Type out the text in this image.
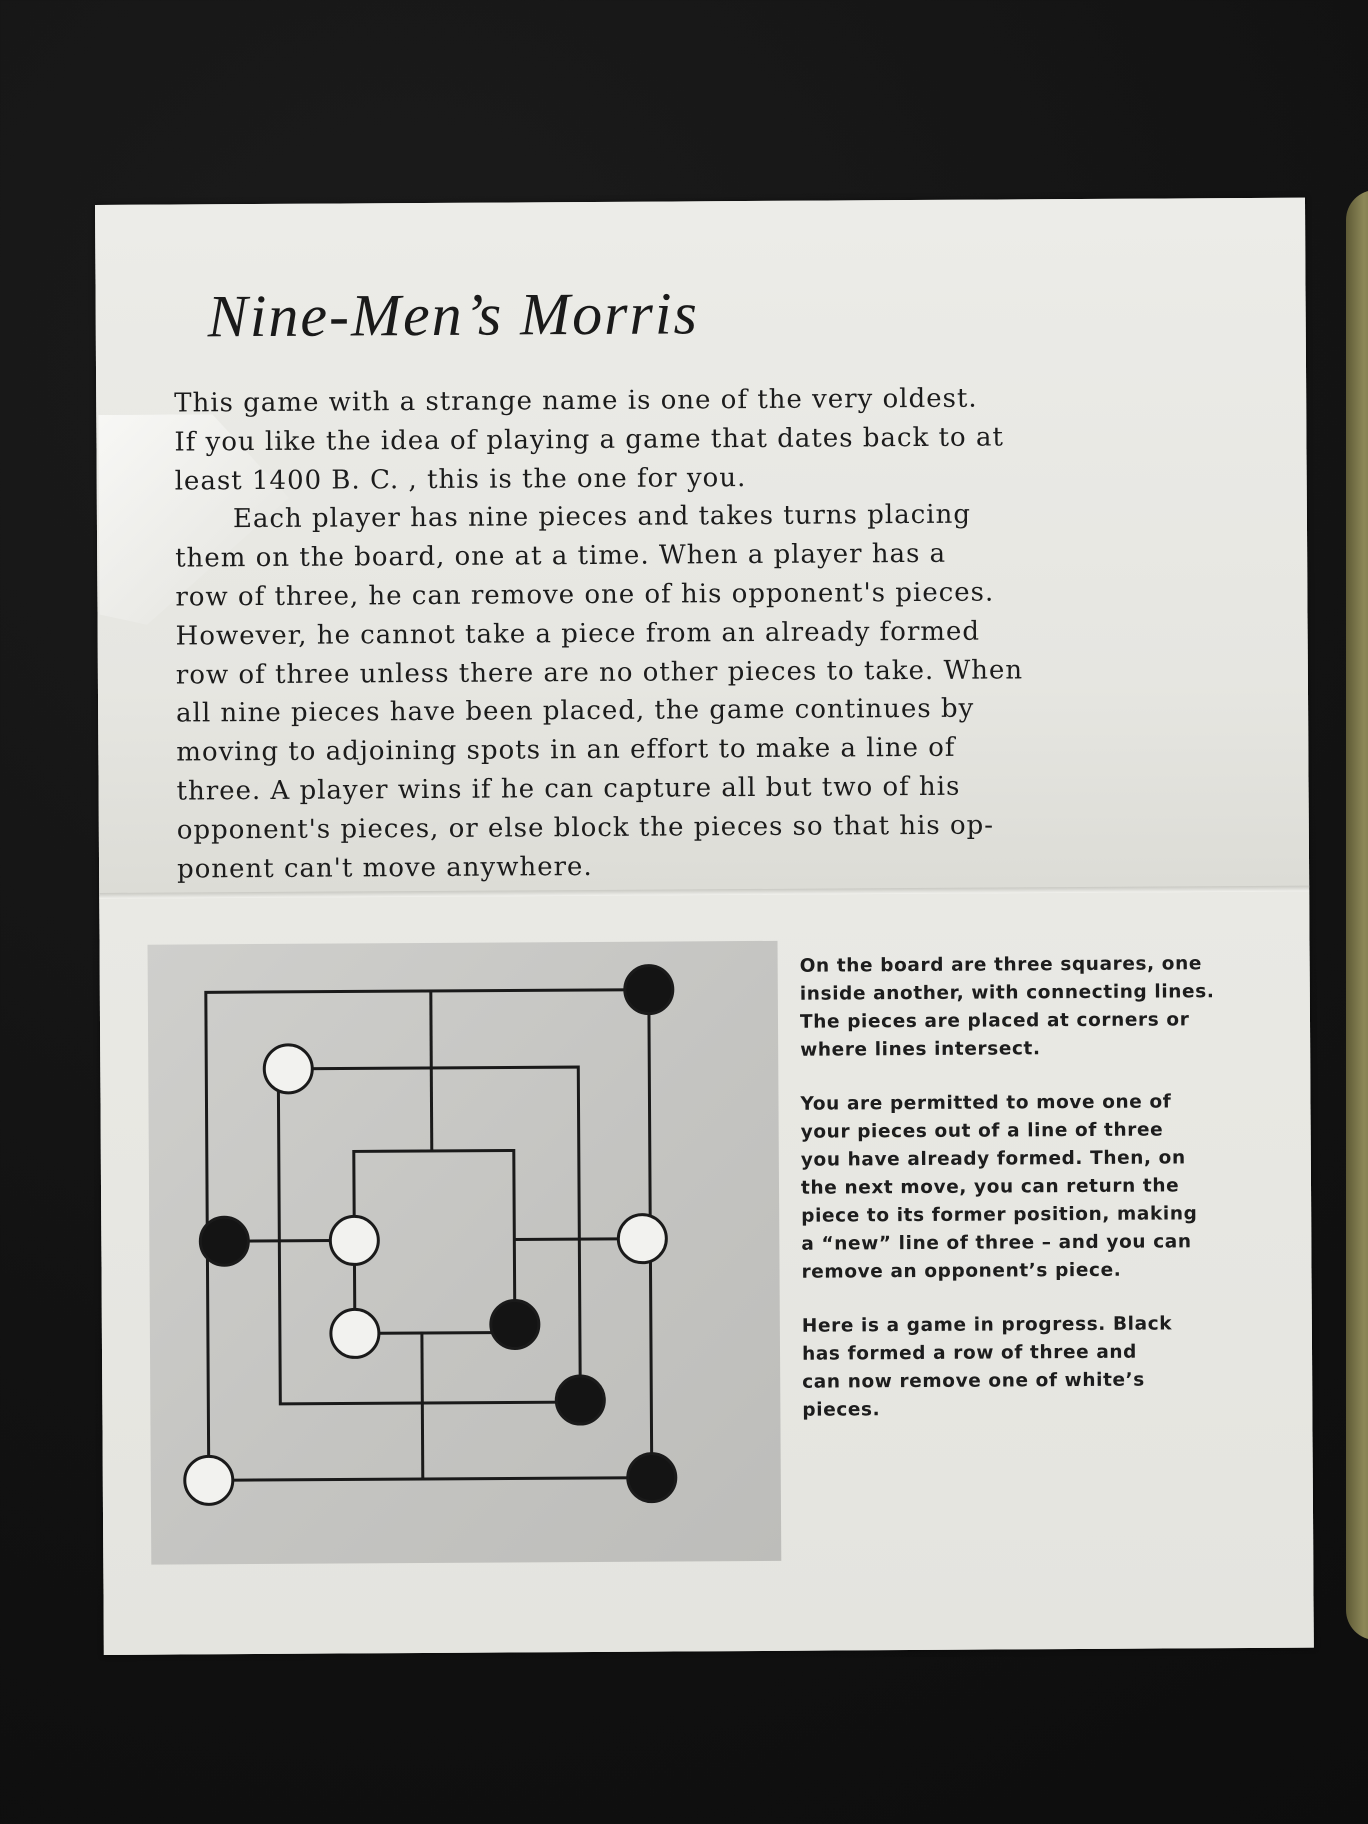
Nine-Men’s Morris

This game with a strange name is one of the very oldest.
If you like the idea of playing a game that dates back to at
least 1400 B. C. , this is the one for you.

Each player has nine pieces and takes turns placing
them on the board, one at a time. When a player has a
row of three, he can remove one of his opponent's pieces.
However, he cannot take a piece from an already formed
row of three unless there are no other pieces to take. When
all nine pieces have been placed, the game continues by
moving to adjoining spots in an effort to make a line of
three. A player wins if he can capture all but two of his
opponent's pieces, or else block the pieces so that his op-
ponent can't move anywhere.

On the board are three squares, one
inside another, with connecting lines.
The pieces are placed at corners or
where lines intersect.

You are permitted to move one of
your pieces out of a line of three
you have already formed. Then, on
the next move, you can return the
piece to its former position, making
a “new” line of three – and you can
remove an opponent’s piece.

Here is a game in progress. Black
has formed a row of three and
can now remove one of white’s
pieces.
